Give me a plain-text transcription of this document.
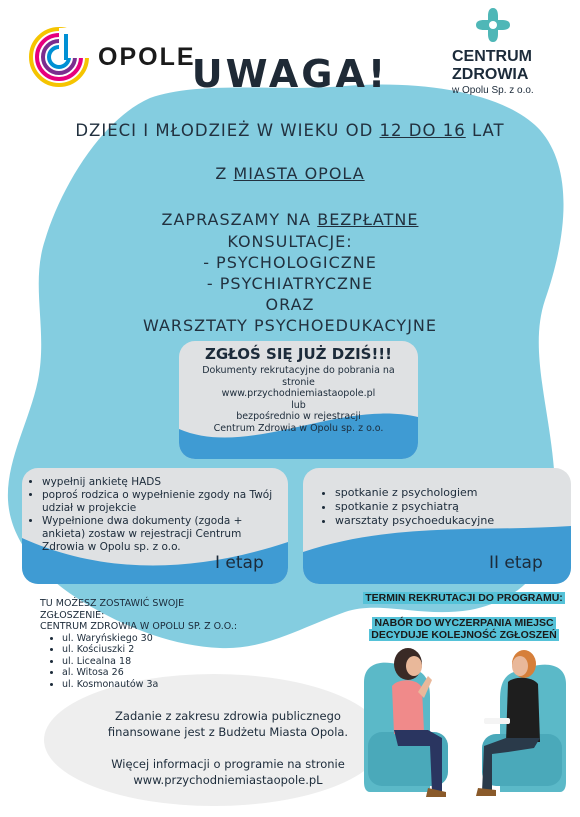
OPOLE	CENTRUM
ZDROWIA
w Opolu Sp. z o.o.
UWAGA!
DZIECI I MŁODZIEŻ W WIEKU OD 12 DO 16 LAT
Z MIASTA OPOLA
ZAPRASZAMY NA BEZPŁATNE
KONSULTACJE:
- PSYCHOLOGICZNE
- PSYCHIATRYCZNE
ORAZ
WARSZTATY PSYCHOEDUKACYJNE
ZGŁOŚ SIĘ JUŻ DZIŚ!!!
Dokumenty rekrutacyjne do pobrania na
stronie
www.przychodniemiastaopole.pl
lub
bezpośrednio w rejestracji
Centrum Zdrowia w Opolu sp. z o.o.
• wypełnij ankietę HADS
• poproś rodzica o wypełnienie zgody na Twój udział w projekcie
• Wypełnione dwa dokumenty (zgoda + ankieta) zostaw w rejestracji Centrum Zdrowia w Opolu sp. z o.o.
I etap
• spotkanie z psychologiem
• spotkanie z psychiatrą
• warsztaty psychoedukacyjne
II etap
TU MOŻESZ ZOSTAWIĆ SWOJE
ZGŁOSZENIE:
CENTRUM ZDROWIA W OPOLU SP. Z O.O.:
• ul. Waryńskiego 30
• ul. Kościuszki 2
• ul. Licealna 18
• al. Witosa 26
• ul. Kosmonautów 3a
TERMIN REKRUTACJI DO PROGRAMU:
NABÓR DO WYCZERPANIA MIEJSC
DECYDUJE KOLEJNOŚĆ ZGŁOSZEŃ
Zadanie z zakresu zdrowia publicznego
finansowane jest z Budżetu Miasta Opola.
Więcej informacji o programie na stronie
www.przychodniemiastaopole.pL
